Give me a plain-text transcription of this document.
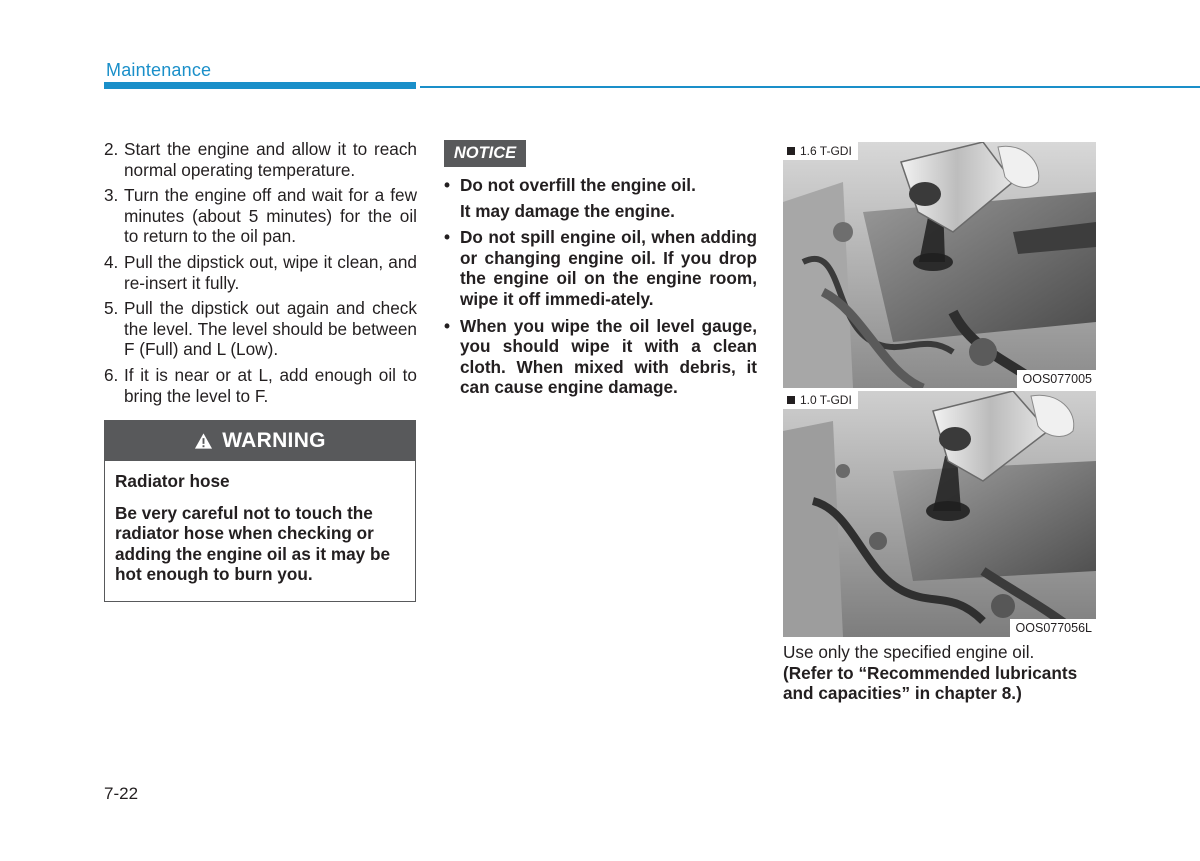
Maintenance
2. Start the engine and allow it to reach normal operating temperature.
3. Turn the engine off and wait for a few minutes (about 5 minutes) for the oil to return to the oil pan.
4. Pull the dipstick out, wipe it clean, and re-insert it fully.
5. Pull the dipstick out again and check the level. The level should be between F (Full) and L (Low).
6. If it is near or at L, add enough oil to bring the level to F.
WARNING
Radiator hose
Be very careful not to touch the radiator hose when checking or adding the engine oil as it may be hot enough to burn you.
NOTICE
• Do not overfill the engine oil.
It may damage the engine.
• Do not spill engine oil, when adding or changing engine oil. If you drop the engine oil on the engine room, wipe it off immedi-ately.
• When you wipe the oil level gauge, you should wipe it with a clean cloth. When mixed with debris, it can cause engine damage.
1.6 T-GDI
OOS077005
1.0 T-GDI
OOS077056L
Use only the specified engine oil.
(Refer to “Recommended lubricants and capacities” in chapter 8.)
7-22
